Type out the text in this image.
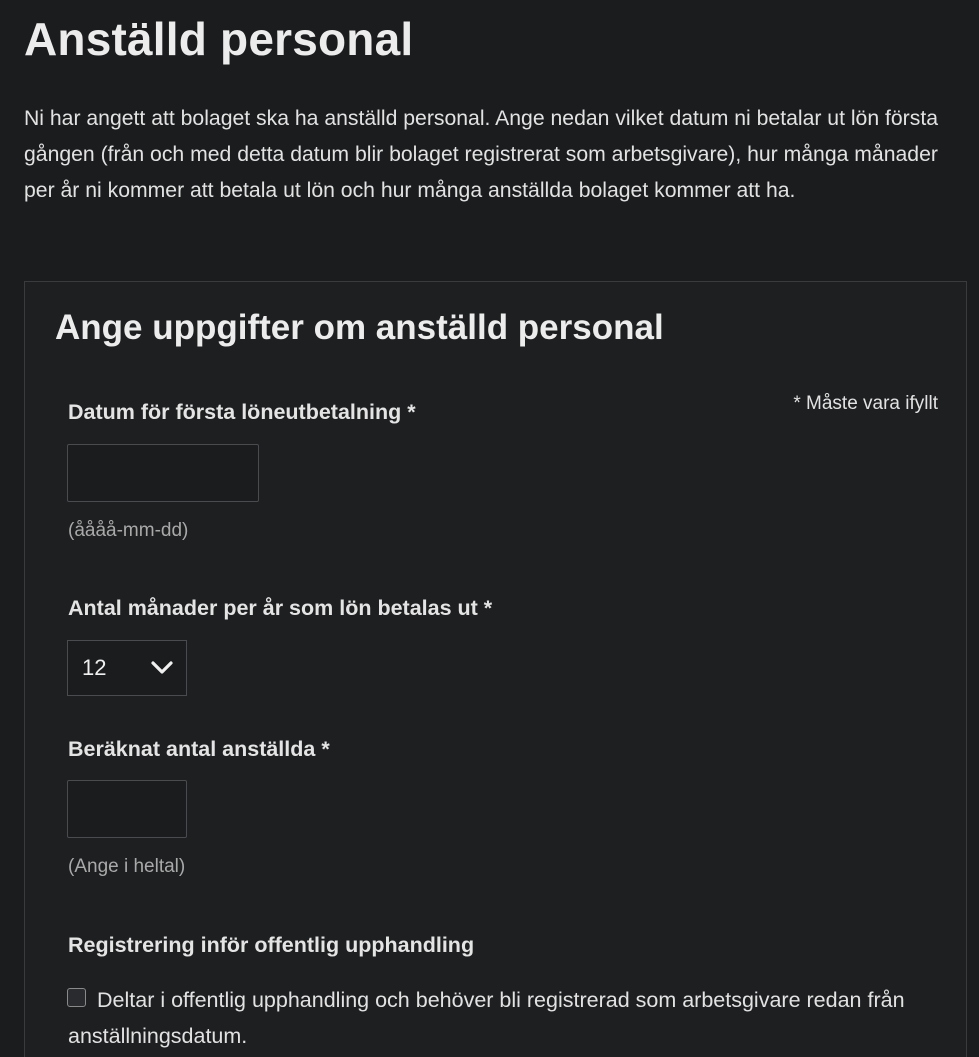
Anställd personal

Ni har angett att bolaget ska ha anställd personal. Ange nedan vilket datum ni betalar ut lön första gången (från och med detta datum blir bolaget registrerat som arbetsgivare), hur många månader per år ni kommer att betala ut lön och hur många anställda bolaget kommer att ha.

Ange uppgifter om anställd personal
* Måste vara ifyllt
Datum för första löneutbetalning *
(åååå-mm-dd)
Antal månader per år som lön betalas ut *
12
Beräknat antal anställda *
(Ange i heltal)
Registrering inför offentlig upphandling
Deltar i offentlig upphandling och behöver bli registrerad som arbetsgivare redan från anställningsdatum.
